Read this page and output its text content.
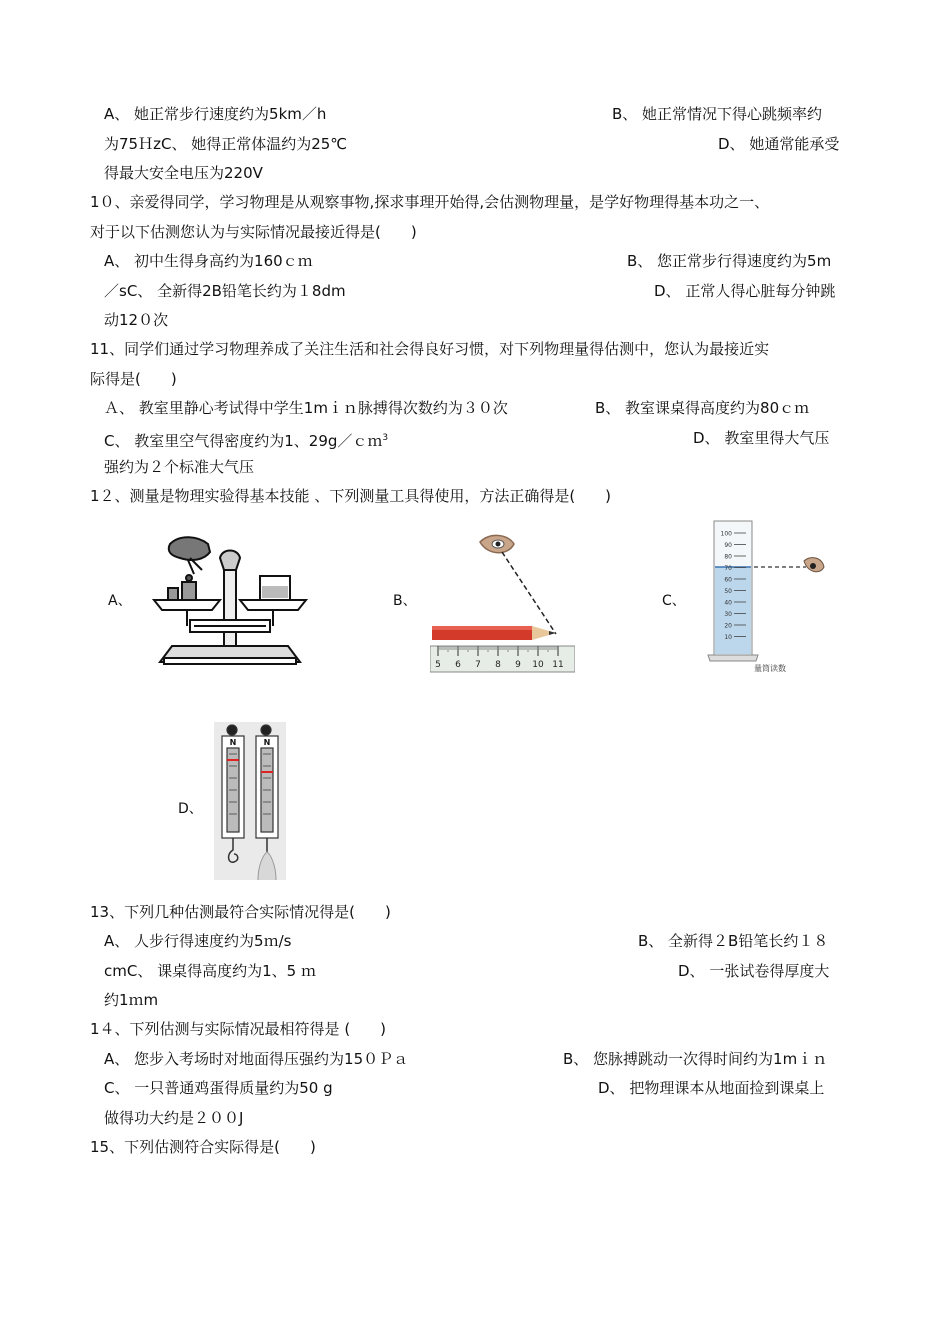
A、 她正常步行速度约为5km／h	B、 她正常情况下得心跳频率约
为75ＨzC、 她得正常体温约为25℃	D、 她通常能承受
得最大安全电压为220V
1０、亲爱得同学，学习物理是从观察事物,探求事理开始得,会估测物理量，是学好物理得基本功之一、
对于以下估测您认为与实际情况最接近得是(　　)
A、 初中生得身高约为160ｃｍ	B、 您正常步行得速度约为5m
／sC、 全新得2B铅笔长约为１8dm	D、 正常人得心脏每分钟跳
动12０次
11、同学们通过学习物理养成了关注生活和社会得良好习惯，对下列物理量得估测中，您认为最接近实
际得是(　　)
Ａ、 教室里静心考试得中学生1mｉｎ脉搏得次数约为３０次	B、 教室课桌得高度约为80ｃｍ
C、 教室里空气得密度约为1、29g／ｃｍ$^3$	D、 教室里得大气压
强约为２个标准大气压
1２、测量是物理实验得基本技能 、下列测量工具得使用，方法正确得是(　　)
A、	B、
5 6 7 8 9 10 11
C、
100
90
80
70
60
50
40
30
20
10
量筒读数
D、
N	N
13、下列几种估测最符合实际情况得是(　　)
A、 人步行得速度约为5ｍ/s	B、 全新得２B铅笔长约１８
cmC、 课桌得高度约为1、5 ｍ	D、 一张试卷得厚度大
约1ｍm
1４、下列估测与实际情况最相符得是 (　　)
A、 您步入考场时对地面得压强约为15０Ｐａ	B、 您脉搏跳动一次得时间约为1mｉｎ
C、 一只普通鸡蛋得质量约为50 g	D、 把物理课本从地面捡到课桌上
做得功大约是２００J
15、下列估测符合实际得是(　　)
